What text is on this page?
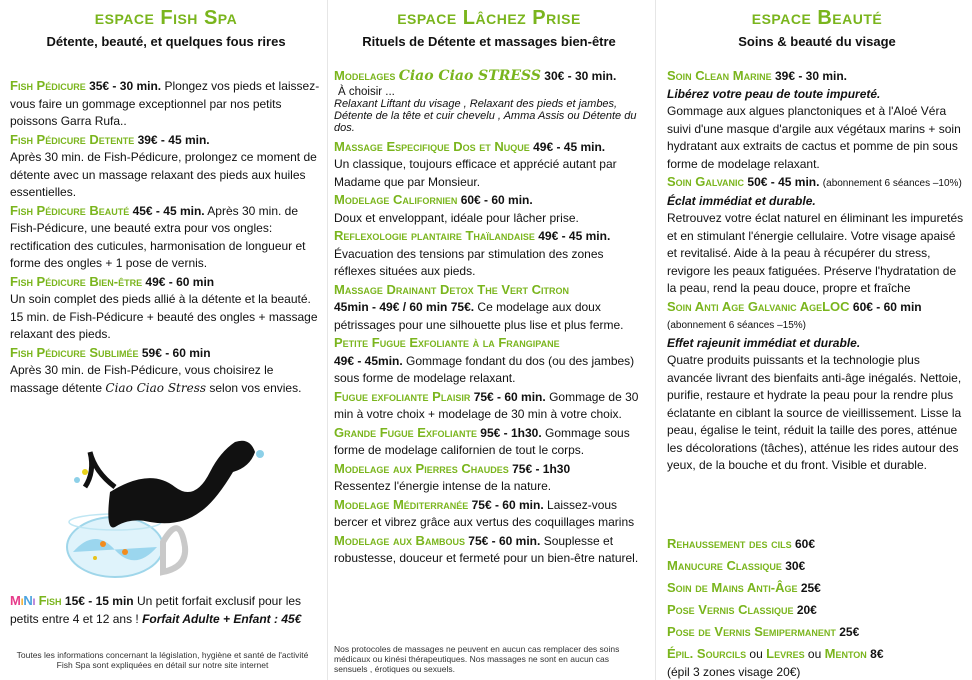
espace Fish Spa
Détente, beauté, et quelques fous rires

Fish Pédicure 35€ - 30 min. Plongez vos pieds et laissez-vous faire un gommage exceptionnel par nos petits poissons Garra Rufa..

Fish Pédicure Detente 39€ - 45 min.
Après 30 min. de Fish-Pédicure, prolongez ce moment de détente avec un massage relaxant des pieds aux huiles essentielles.

Fish Pédicure Beauté 45€ - 45 min. Après 30 min. de Fish-Pédicure, une beauté extra pour vos ongles: rectification des cuticules, harmonisation de longueur et forme des ongles + 1 pose de vernis.

Fish Pédicure Bien-être 49€ - 60 min
Un soin complet des pieds allié à la détente et la beauté. 15 min. de Fish-Pédicure + beauté des ongles + massage relaxant des pieds.

Fish Pédicure Sublimée 59€ - 60 min
Après 30 min. de Fish-Pédicure, vous choisirez le massage détente Ciao Ciao Stress selon vos envies.

MiNi Fish 15€ - 15 min Un petit forfait exclusif pour les petits entre 4 et 12 ans ! Forfait Adulte + Enfant : 45€

Toutes les informations concernant la législation, hygiène et santé de l'activité Fish Spa sont expliquées en détail sur notre site internet
espace Lâchez Prise
Rituels de Détente et massages bien-être

Modelages Ciao Ciao STRESS 30€ - 30 min.

À choisir ...
Relaxant Liftant du visage , Relaxant des pieds et jambes, Détente de la tête et cuir chevelu , Amma Assis ou Détente du dos.

Massage Especifique Dos et Nuque 49€ - 45 min.
Un classique, toujours efficace et apprécié autant par Madame que par Monsieur.

Modelage Californien 60€ - 60 min.
Doux et enveloppant, idéale pour lâcher prise.

Reflexologie plantaire Thaïlandaise 49€ - 45 min.
Évacuation des tensions par stimulation des zones réflexes situées aux pieds.

Massage Drainant Detox The Vert Citron
45min - 49€ / 60 min 75€. Ce modelage aux doux pétrissages pour une silhouette plus lise et plus ferme.

Petite Fugue Exfoliante à la Frangipane
49€ - 45min. Gommage fondant du dos (ou des jambes) sous forme de modelage relaxant.

Fugue exfoliante Plaisir 75€ - 60 min. Gommage de 30 min à votre choix + modelage de 30 min à votre choix.

Grande Fugue Exfoliante 95€ - 1h30. Gommage sous forme de modelage californien de tout le corps.

Modelage aux Pierres Chaudes 75€ - 1h30
Ressentez l'énergie intense de la nature.

Modelage Méditerranée 75€ - 60 min. Laissez-vous bercer et vibrez grâce aux vertus des coquillages marins

Modelage aux Bambous 75€ - 60 min. Souplesse et robustesse, douceur et fermeté pour un bien-être naturel.

Nos protocoles de massages ne peuvent en aucun cas remplacer des soins médicaux ou kinési thérapeutiques. Nos massages ne sont en aucun cas sensuels , érotiques ou sexuels.
espace Beauté
Soins & beauté du visage

Soin Clean Marine 39€ - 30 min.
Libérez votre peau de toute impureté.
Gommage aux algues planctoniques et à l'Aloé Véra suivi d'une masque d'argile aux végétaux marins + soin hydratant aux extraits de cactus et pomme de pin sous forme de modelage relaxant.

Soin Galvanic 50€ - 45 min. (abonnement 6 séances –10%)
Éclat immédiat et durable.
Retrouvez votre éclat naturel en éliminant les impuretés et en stimulant l'énergie cellulaire. Votre visage apaisé et revitalisé. Aide à la peau à récupérer du stress, revigore les peaux fatiguées. Préserve l'hydratation de la peau, rend la peau douce, propre et fraîche

Soin Anti Age Galvanic AgeLOC 60€ - 60 min
(abonnement 6 séances –15%)
Effet rajeunit immédiat et durable.
Quatre produits puissants et la technologie plus avancée livrant des bienfaits anti-âge inégalés. Nettoie, purifie, restaure et hydrate la peau pour la rendre plus éclatante en ciblant la source de vieillissement. Lisse la peau, égalise le teint, réduit la taille des pores, atténue les décolorations (tâches), atténue les rides autour des yeux, de la bouche et du front. Visible et durable.

Rehaussement des cils 60€
Manucure Classique 30€
Soin de Mains Anti-Âge 25€
Pose Vernis Classique 20€
Pose de Vernis Semipermanent 25€
Épil. Sourcils ou Levres ou Menton 8€
(épil 3 zones visage 20€)
